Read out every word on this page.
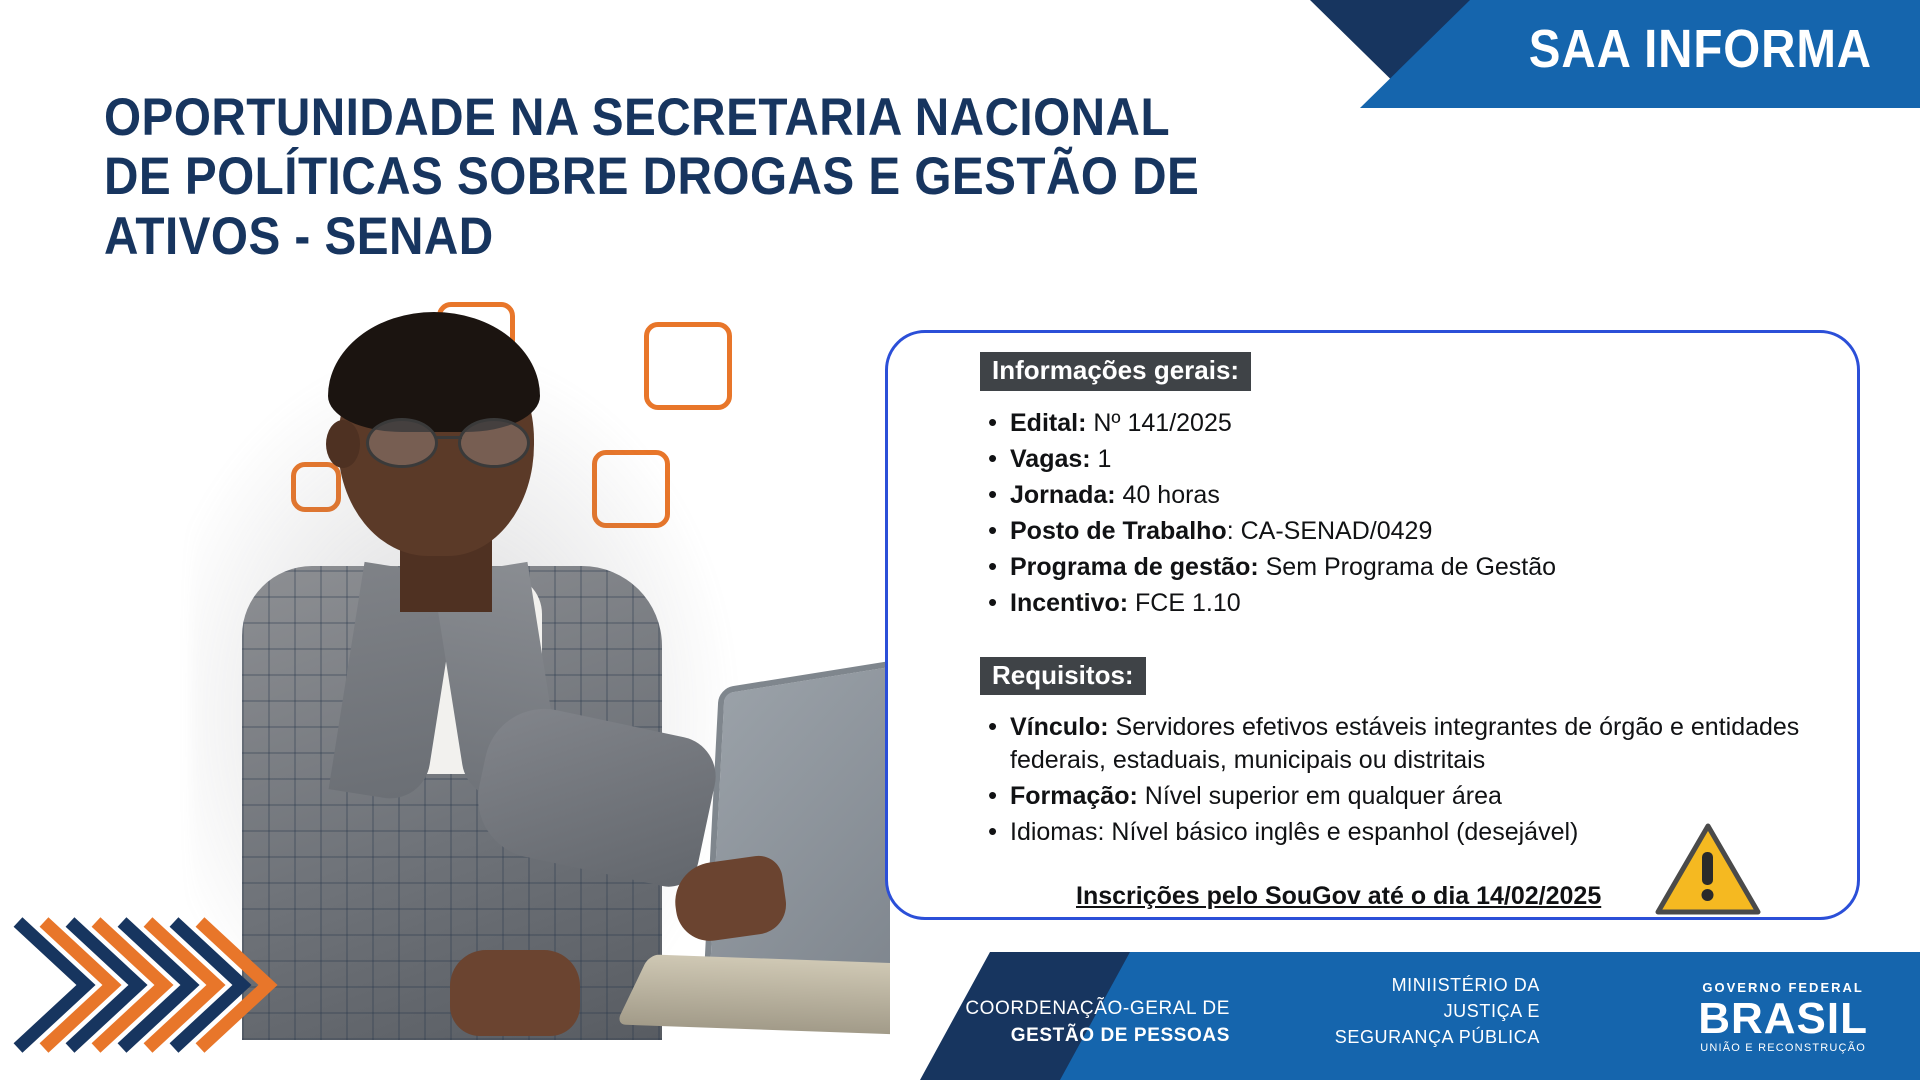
SAA INFORMA
OPORTUNIDADE NA SECRETARIA NACIONAL DE POLÍTICAS SOBRE DROGAS E GESTÃO DE ATIVOS - SENAD
Informações gerais:
• Edital: Nº 141/2025
• Vagas: 1
• Jornada: 40 horas
• Posto de Trabalho: CA-SENAD/0429
• Programa de gestão: Sem Programa de Gestão
• Incentivo: FCE 1.10
Requisitos:
• Vínculo: Servidores efetivos estáveis integrantes de órgão e entidades federais, estaduais, municipais ou distritais
• Formação: Nível superior em qualquer área
• Idiomas: Nível básico inglês e espanhol (desejável)
Inscrições pelo SouGov até o dia 14/02/2025
COORDENAÇÃO-GERAL DE
GESTÃO DE PESSOAS
MINIISTÉRIO DA
JUSTIÇA E
SEGURANÇA PÚBLICA
GOVERNO FEDERAL
BRASIL
UNIÃO E RECONSTRUÇÃO
